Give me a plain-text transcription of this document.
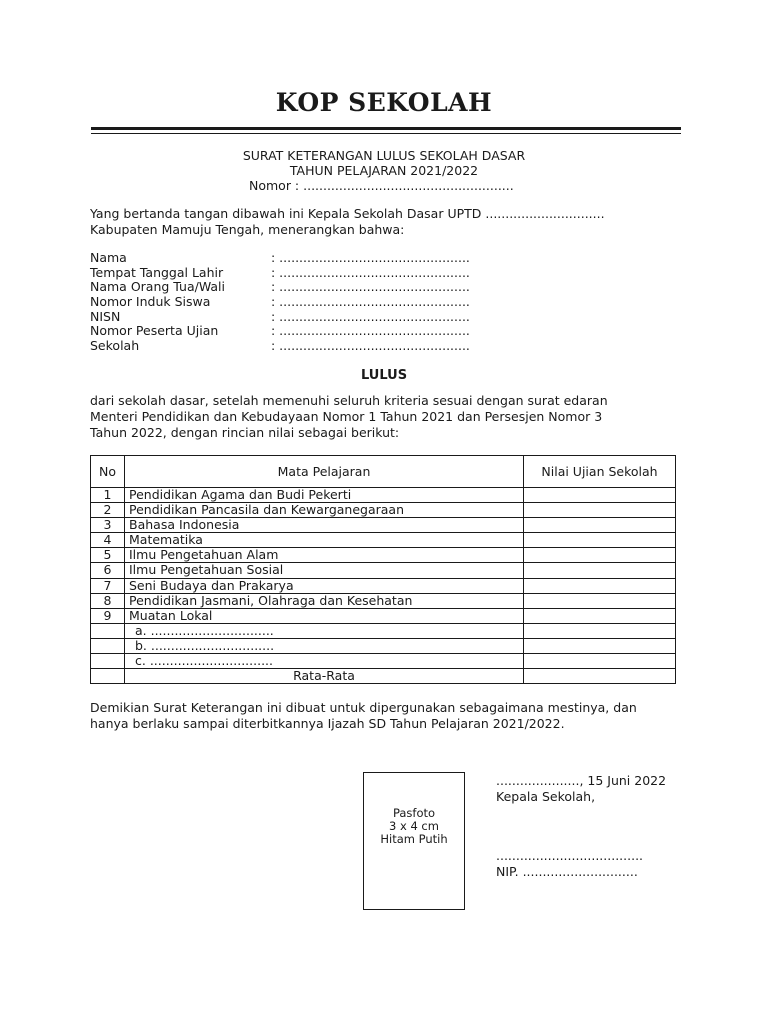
KOP SEKOLAH
SURAT KETERANGAN LULUS SEKOLAH DASAR
TAHUN PELAJARAN 2021/2022
Nomor : .....................................................
Yang bertanda tangan dibawah ini Kepala Sekolah Dasar UPTD ..............................
Kabupaten Mamuju Tengah, menerangkan bahwa:
Nama	: ................................................
Tempat Tanggal Lahir	: ................................................
Nama Orang Tua/Wali	: ................................................
Nomor Induk Siswa	: ................................................
NISN	: ................................................
Nomor Peserta Ujian	: ................................................
Sekolah	: ................................................
LULUS
dari sekolah dasar, setelah memenuhi seluruh kriteria sesuai dengan surat edaran
Menteri Pendidikan dan Kebudayaan Nomor 1 Tahun 2021 dan Persesjen Nomor 3
Tahun 2022, dengan rincian nilai sebagai berikut:
No	Mata Pelajaran	Nilai Ujian Sekolah
1	Pendidikan Agama dan Budi Pekerti	
2	Pendidikan Pancasila dan Kewarganegaraan	
3	Bahasa Indonesia	
4	Matematika	
5	Ilmu Pengetahuan Alam	
6	Ilmu Pengetahuan Sosial	
7	Seni Budaya dan Prakarya	
8	Pendidikan Jasmani, Olahraga dan Kesehatan	
9	Muatan Lokal	
	a. ...............................	
	b. ...............................	
	c. ...............................	
	Rata-Rata	
Demikian Surat Keterangan ini dibuat untuk dipergunakan sebagaimana mestinya, dan
hanya berlaku sampai diterbitkannya Ijazah SD Tahun Pelajaran 2021/2022.
Pasfoto
3 x 4 cm
Hitam Putih
....................., 15 Juni 2022
Kepala Sekolah,
.....................................
NIP. .............................
